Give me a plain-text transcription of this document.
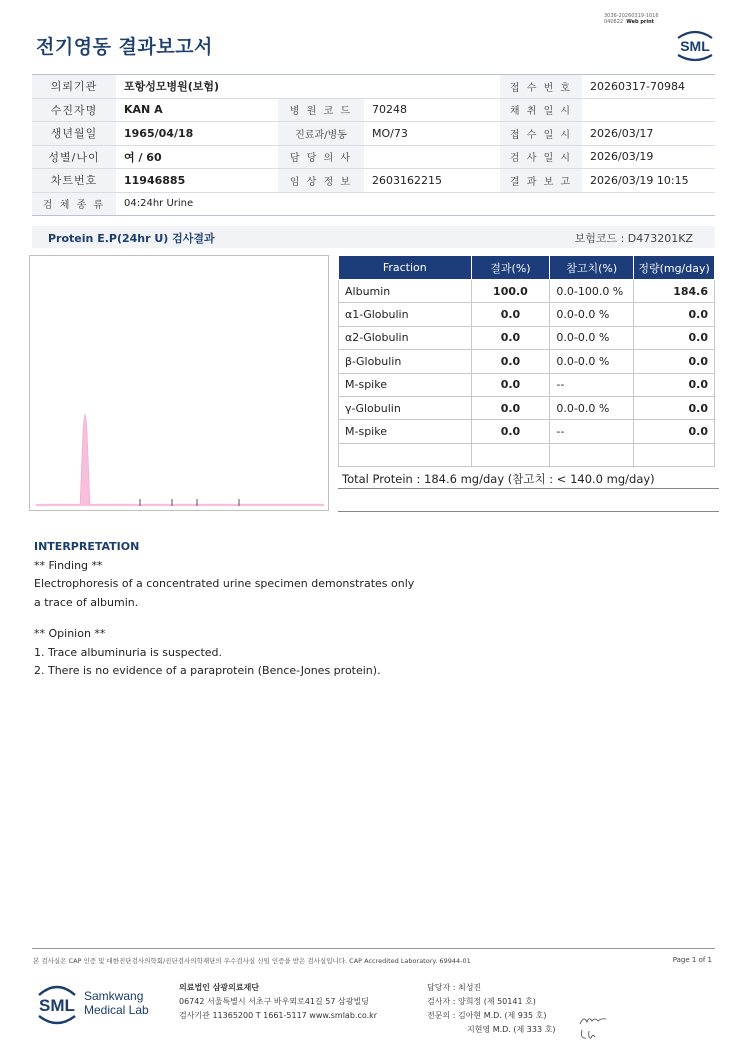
3036-20260319-1016
040822 Web print
전기영동 결과보고서	SML
의뢰기관	포항성모병원(보험)			접 수 번 호	20260317-70984
수진자명	KAN A	병 원 코 드	70248	채 취 일 시	
생년월일	1965/04/18	진료과/병동	MO/73	접 수 일 시	2026/03/17
성별/나이	여 / 60	담 당 의 사		검 사 일 시	2026/03/19
차트번호	11946885	임 상 정 보	2603162215	결 과 보 고	2026/03/19 10:15
검 체 종 류	04:24hr Urine				
Protein E.P(24hr U) 검사결과	보험코드 : D473201KZ
Fraction	결과(%)	참고치(%)	정량(mg/day)
Albumin	100.0	0.0-100.0 %	184.6
α1-Globulin	0.0	0.0-0.0 %	0.0
α2-Globulin	0.0	0.0-0.0 %	0.0
β-Globulin	0.0	0.0-0.0 %	0.0
M-spike	0.0	--	0.0
γ-Globulin	0.0	0.0-0.0 %	0.0
M-spike	0.0	--	0.0

Total Protein : 184.6 mg/day (참고치 : < 140.0 mg/day)
INTERPRETATION
** Finding **
Electrophoresis of a concentrated urine specimen demonstrates only
a trace of albumin.
** Opinion **
1. Trace albuminuria is suspected.
2. There is no evidence of a paraprotein (Bence-Jones protein).
본 검사실은 CAP 인증 및 대한진단검사의학회/진단검사의학재단의 우수검사실 신임 인증을 받은 검사실입니다. CAP Accredited Laboratory. 69944-01	Page 1 of 1
SML Samkwang
Medical Lab
의료법인 삼광의료재단
06742 서울특별시 서초구 바우뫼로41길 57 삼광빌딩
검사기관 11365200 T 1661-5117 www.smlab.co.kr
담당자 : 최성진
검사자 : 양희정 (제 50141 호)
전문의 : 김아현 M.D. (제 935 호)
지현영 M.D. (제 333 호)
